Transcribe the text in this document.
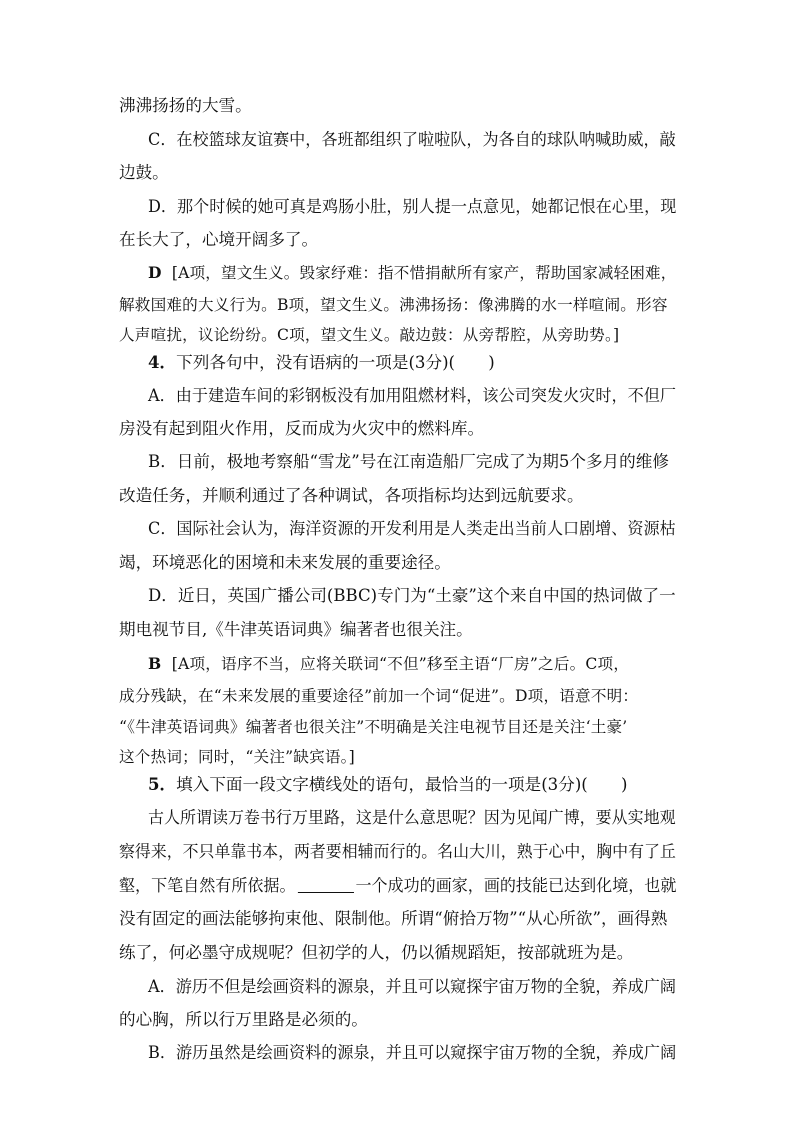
沸沸扬扬的大雪。
C．在校篮球友谊赛中，各班都组织了啦啦队，为各自的球队呐喊助威，敲
边鼓。
D．那个时候的她可真是鸡肠小肚，别人提一点意见，她都记恨在心里，现
在长大了，心境开阔多了。
D [A项，望文生义。毁家纾难：指不惜捐献所有家产，帮助国家减轻困难，
解救国难的大义行为。B项，望文生义。沸沸扬扬：像沸腾的水一样喧闹。形容
人声喧扰，议论纷纷。C项，望文生义。敲边鼓：从旁帮腔，从旁助势。]
4．下列各句中，没有语病的一项是(3分)(　　)
A．由于建造车间的彩钢板没有加用阻燃材料，该公司突发火灾时，不但厂
房没有起到阻火作用，反而成为火灾中的燃料库。
B．日前，极地考察船“雪龙”号在江南造船厂完成了为期5个多月的维修
改造任务，并顺利通过了各种调试，各项指标均达到远航要求。
C．国际社会认为，海洋资源的开发利用是人类走出当前人口剧增、资源枯
竭，环境恶化的困境和未来发展的重要途径。
D．近日，英国广播公司(BBC)专门为“土豪”这个来自中国的热词做了一
期电视节目,《牛津英语词典》编著者也很关注。
B [A项，语序不当，应将关联词“不但”移至主语“厂房”之后。C项，
成分残缺，在“未来发展的重要途径”前加一个词“促进”。D项，语意不明：
“《牛津英语词典》编著者也很关注”不明确是关注电视节目还是关注‘土豪’
这个热词；同时，“关注”缺宾语。]
5．填入下面一段文字横线处的语句，最恰当的一项是(3分)(　　)
古人所谓读万卷书行万里路，这是什么意思呢？因为见闻广博，要从实地观
察得来，不只单靠书本，两者要相辅而行的。名山大川，熟于心中，胸中有了丘
壑，下笔自然有所依据。	一个成功的画家，画的技能已达到化境，也就
没有固定的画法能够拘束他、限制他。所谓“俯拾万物”“从心所欲”，画得熟
练了，何必墨守成规呢？但初学的人，仍以循规蹈矩，按部就班为是。
A．游历不但是绘画资料的源泉，并且可以窥探宇宙万物的全貌，养成广阔
的心胸，所以行万里路是必须的。
B．游历虽然是绘画资料的源泉，并且可以窥探宇宙万物的全貌，养成广阔
